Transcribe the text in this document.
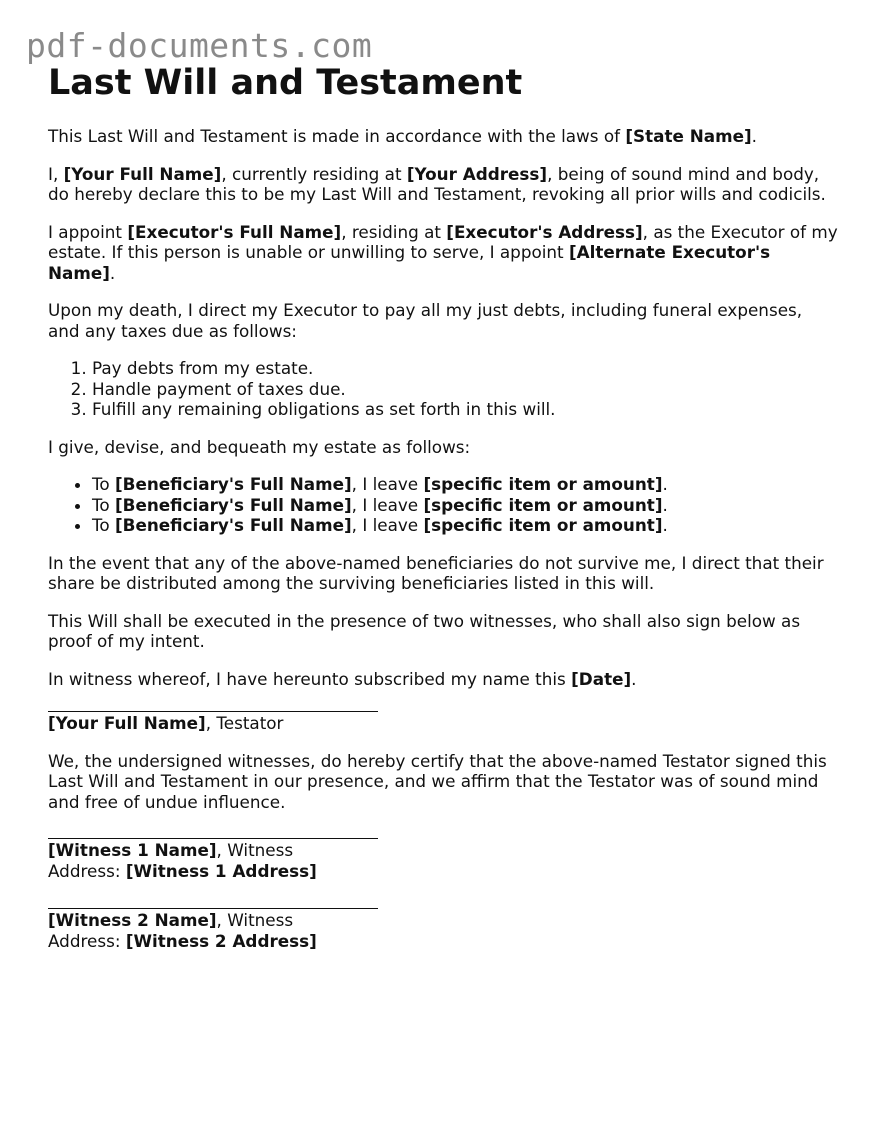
pdf-documents.com
Last Will and Testament

This Last Will and Testament is made in accordance with the laws of [State Name].

I, [Your Full Name], currently residing at [Your Address], being of sound mind and body, do hereby declare this to be my Last Will and Testament, revoking all prior wills and codicils.

I appoint [Executor's Full Name], residing at [Executor's Address], as the Executor of my estate. If this person is unable or unwilling to serve, I appoint [Alternate Executor's Name].

Upon my death, I direct my Executor to pay all my just debts, including funeral expenses, and any taxes due as follows:

1. Pay debts from my estate.
2. Handle payment of taxes due.
3. Fulfill any remaining obligations as set forth in this will.

I give, devise, and bequeath my estate as follows:

• To [Beneficiary's Full Name], I leave [specific item or amount].
• To [Beneficiary's Full Name], I leave [specific item or amount].
• To [Beneficiary's Full Name], I leave [specific item or amount].

In the event that any of the above-named beneficiaries do not survive me, I direct that their share be distributed among the surviving beneficiaries listed in this will.

This Will shall be executed in the presence of two witnesses, who shall also sign below as proof of my intent.

In witness whereof, I have hereunto subscribed my name this [Date].

[Your Full Name], Testator

We, the undersigned witnesses, do hereby certify that the above-named Testator signed this Last Will and Testament in our presence, and we affirm that the Testator was of sound mind and free of undue influence.

[Witness 1 Name], Witness

Address: [Witness 1 Address]

[Witness 2 Name], Witness

Address: [Witness 2 Address]
